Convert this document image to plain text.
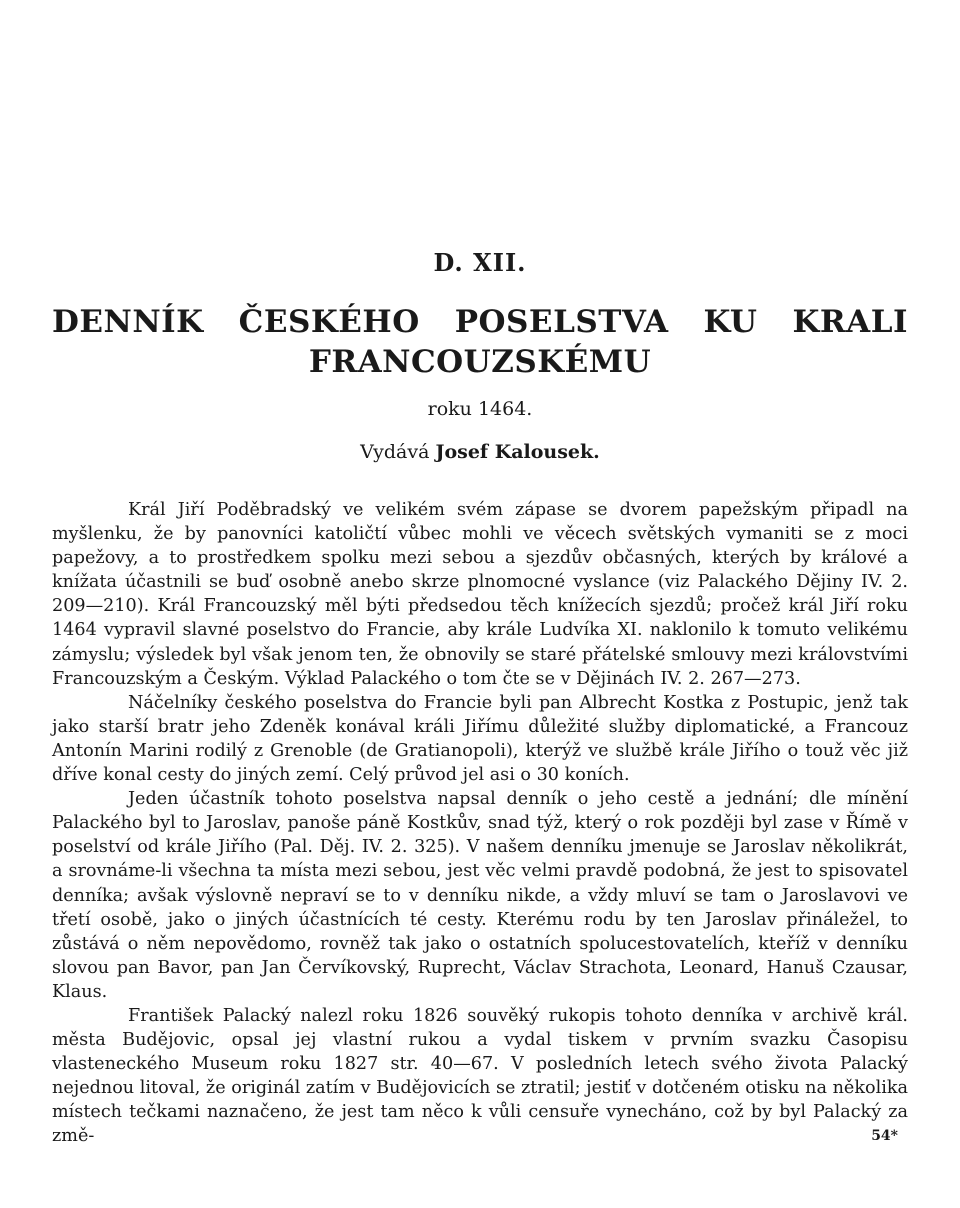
D. XII.
DENNÍK ČESKÉHO POSELSTVA KU KRALI
FRANCOUZSKÉMU
roku 1464.
Vydává Josef Kalousek.

Král Jiří Poděbradský ve velikém svém zápase se dvorem papežským připadl na myšlenku, že by panovníci katoličtí vůbec mohli ve věcech světských vymaniti se z moci papežovy, a to prostředkem spolku mezi sebou a sjezdův občasných, kterých by králové a knížata účastnili se buď osobně anebo skrze plnomocné vyslance (viz Palackého Dějiny IV. 2. 209—210). Král Francouzský měl býti předsedou těch knížecích sjezdů; pročež král Jiří roku 1464 vypravil slavné poselstvo do Francie, aby krále Ludvíka XI. naklonilo k tomuto velikému zámyslu; výsledek byl však jenom ten, že obnovily se staré přátelské smlouvy mezi královstvími Francouzským a Českým. Výklad Palackého o tom čte se v Dějinách IV. 2. 267—273.

Náčelníky českého poselstva do Francie byli pan Albrecht Kostka z Postupic, jenž tak jako starší bratr jeho Zdeněk konával králi Jiřímu důležité služby diplomatické, a Francouz Antonín Marini rodilý z Grenoble (de Gratianopoli), kterýž ve službě krále Jiřího o touž věc již dříve konal cesty do jiných zemí. Celý průvod jel asi o 30 koních.

Jeden účastník tohoto poselstva napsal denník o jeho cestě a jednání; dle mínění Palackého byl to Jaroslav, panoše páně Kostkův, snad týž, který o rok později byl zase v Římě v poselství od krále Jiřího (Pal. Děj. IV. 2. 325). V našem denníku jmenuje se Jaroslav několikrát, a srovnáme-li všechna ta místa mezi sebou, jest věc velmi pravdě podobná, že jest to spisovatel denníka; avšak výslovně nepraví se to v denníku nikde, a vždy mluví se tam o Jaroslavovi ve třetí osobě, jako o jiných účastnících té cesty. Kterému rodu by ten Jaroslav přináležel, to zůstává o něm nepovědomo, rovněž tak jako o ostatních spolucestovatelích, kteříž v denníku slovou pan Bavor, pan Jan Červíkovský, Ruprecht, Václav Strachota, Leonard, Hanuš Czausar, Klaus.

František Palacký nalezl roku 1826 souvěký rukopis tohoto denníka v archivě král. města Budějovic, opsal jej vlastní rukou a vydal tiskem v prvním svazku Časopisu vlasteneckého Museum roku 1827 str. 40—67. V posledních letech svého života Palacký nejednou litoval, že originál zatím v Budějovicích se ztratil; jestiť v dotčeném otisku na několika místech tečkami naznačeno, že jest tam něco k vůli censuře vynecháno, což by byl Palacký za změ-	54*
